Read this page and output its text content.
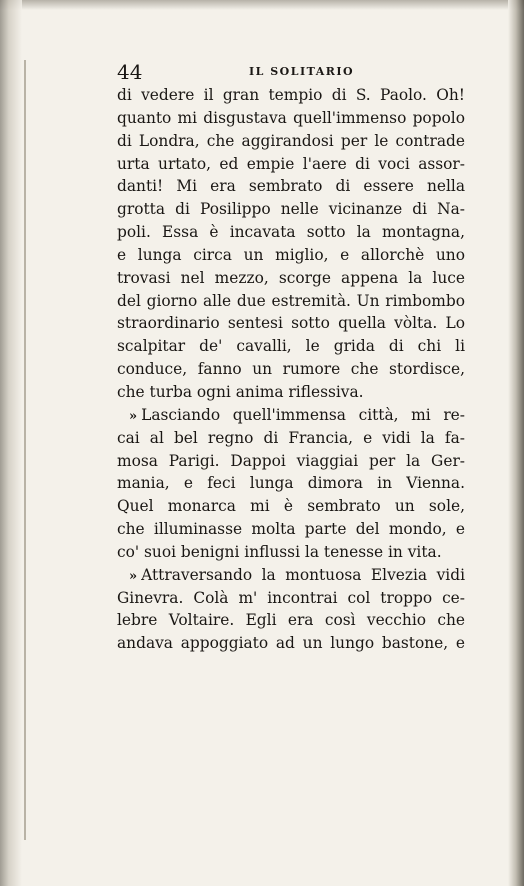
44	IL SOLITARIO
di vedere il gran tempio di S. Paolo. Oh!
quanto mi disgustava quell'immenso popolo
di Londra, che aggirandosi per le contrade
urta urtato, ed empie l'aere di voci assor-
danti! Mi era sembrato di essere nella
grotta di Posilippo nelle vicinanze di Na-
poli. Essa è incavata sotto la montagna,
e lunga circa un miglio, e allorchè uno
trovasi nel mezzo, scorge appena la luce
del giorno alle due estremità. Un rimbombo
straordinario sentesi sotto quella vòlta. Lo
scalpitar de' cavalli, le grida di chi li
conduce, fanno un rumore che stordisce,
che turba ogni anima riflessiva.
» Lasciando quell'immensa città, mi re-
cai al bel regno di Francia, e vidi la fa-
mosa Parigi. Dappoi viaggiai per la Ger-
mania, e feci lunga dimora in Vienna.
Quel monarca mi è sembrato un sole,
che illuminasse molta parte del mondo, e
co' suoi benigni influssi la tenesse in vita.
» Attraversando la montuosa Elvezia vidi
Ginevra. Colà m' incontrai col troppo ce-
lebre Voltaire. Egli era così vecchio che
andava appoggiato ad un lungo bastone, e
